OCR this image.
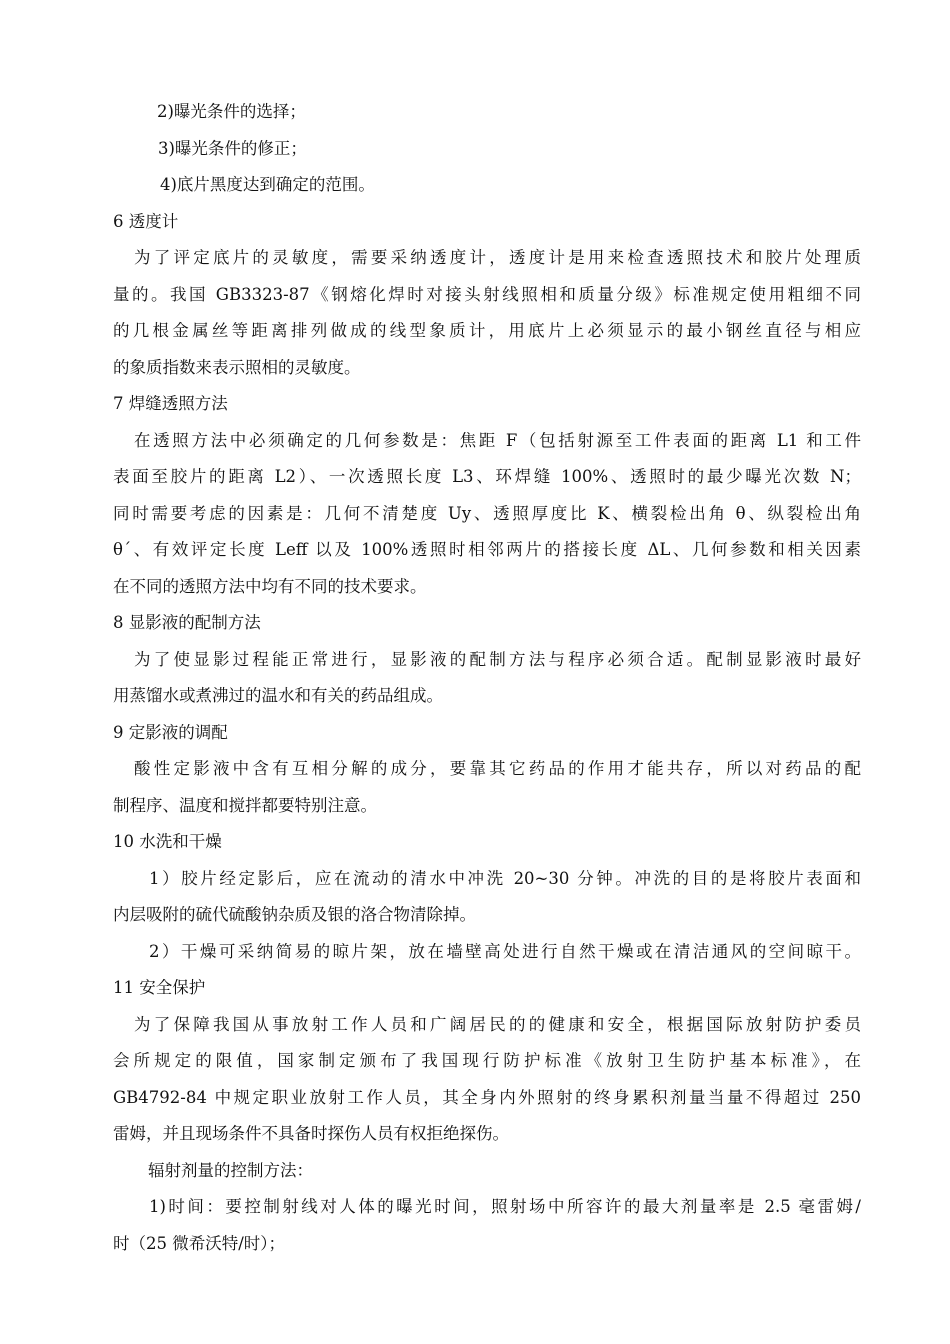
2)曝光条件的选择；
3)曝光条件的修正；
4)底片黑度达到确定的范围。
6 透度计
为了评定底片的灵敏度，需要采纳透度计，透度计是用来检查透照技术和胶片处理质
量的。我国 GB3323-87《钢熔化焊时对接头射线照相和质量分级》标准规定使用粗细不同
的几根金属丝等距离排列做成的线型象质计，用底片上必须显示的最小钢丝直径与相应
的象质指数来表示照相的灵敏度。
7 焊缝透照方法
在透照方法中必须确定的几何参数是：焦距 F（包括射源至工件表面的距离 L1 和工件
表面至胶片的距离 L2）、一次透照长度 L3、环焊缝 100%、透照时的最少曝光次数 N；
同时需要考虑的因素是：几何不清楚度 Uy、透照厚度比 K、横裂检出角 θ、纵裂检出角
θ´、有效评定长度 Leff 以及 100%透照时相邻两片的搭接长度 ΔL、几何参数和相关因素
在不同的透照方法中均有不同的技术要求。
8 显影液的配制方法
为了使显影过程能正常进行，显影液的配制方法与程序必须合适。配制显影液时最好
用蒸馏水或煮沸过的温水和有关的药品组成。
9 定影液的调配
酸性定影液中含有互相分解的成分，要靠其它药品的作用才能共存，所以对药品的配
制程序、温度和搅拌都要特别注意。
10 水洗和干燥
1）胶片经定影后，应在流动的清水中冲洗 20~30 分钟。冲洗的目的是将胶片表面和
内层吸附的硫代硫酸钠杂质及银的洛合物清除掉。
2）干燥可采纳简易的晾片架，放在墙壁高处进行自然干燥或在清洁通风的空间晾干。
11 安全保护
为了保障我国从事放射工作人员和广阔居民的的健康和安全，根据国际放射防护委员
会所规定的限值，国家制定颁布了我国现行防护标准《放射卫生防护基本标准》，在
GB4792-84 中规定职业放射工作人员，其全身内外照射的终身累积剂量当量不得超过 250
雷姆，并且现场条件不具备时探伤人员有权拒绝探伤。
辐射剂量的控制方法：
1)时间：要控制射线对人体的曝光时间，照射场中所容许的最大剂量率是 2.5 毫雷姆/
时（25 微希沃特/时）；
